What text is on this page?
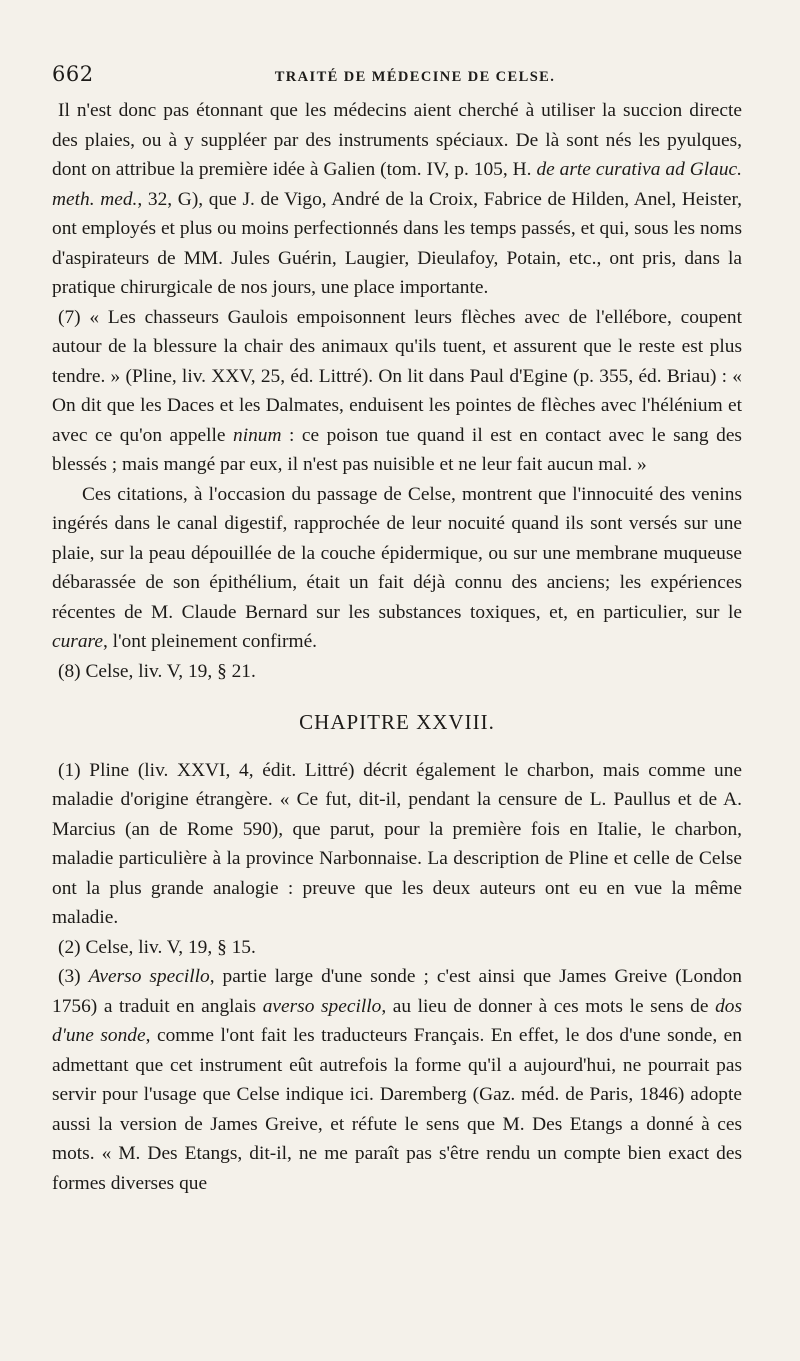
662	TRAITÉ DE MÉDECINE DE CELSE.

Il n'est donc pas étonnant que les médecins aient cherché à utiliser la succion directe des plaies, ou à y suppléer par des instruments spéciaux. De là sont nés les pyulques, dont on attribue la première idée à Galien (tom. IV, p. 105, H. de arte curativa ad Glauc. meth. med., 32, G), que J. de Vigo, André de la Croix, Fabrice de Hilden, Anel, Heister, ont employés et plus ou moins perfectionnés dans les temps passés, et qui, sous les noms d'aspirateurs de MM. Jules Guérin, Laugier, Dieulafoy, Potain, etc., ont pris, dans la pratique chirurgicale de nos jours, une place importante.

(7) « Les chasseurs Gaulois empoisonnent leurs flèches avec de l'ellébore, coupent autour de la blessure la chair des animaux qu'ils tuent, et assurent que le reste est plus tendre. » (Pline, liv. XXV, 25, éd. Littré). On lit dans Paul d'Egine (p. 355, éd. Briau) : « On dit que les Daces et les Dalmates, enduisent les pointes de flèches avec l'hélénium et avec ce qu'on appelle ninum : ce poison tue quand il est en contact avec le sang des blessés ; mais mangé par eux, il n'est pas nuisible et ne leur fait aucun mal. »

Ces citations, à l'occasion du passage de Celse, montrent que l'innocuité des venins ingérés dans le canal digestif, rapprochée de leur nocuité quand ils sont versés sur une plaie, sur la peau dépouillée de la couche épidermique, ou sur une membrane muqueuse débarassée de son épithélium, était un fait déjà connu des anciens; les expériences récentes de M. Claude Bernard sur les substances toxiques, et, en particulier, sur le curare, l'ont pleinement confirmé.

(8) Celse, liv. V, 19, § 21.

CHAPITRE XXVIII.

(1) Pline (liv. XXVI, 4, édit. Littré) décrit également le charbon, mais comme une maladie d'origine étrangère. « Ce fut, dit-il, pendant la censure de L. Paullus et de A. Marcius (an de Rome 590), que parut, pour la première fois en Italie, le charbon, maladie particulière à la province Narbonnaise. La description de Pline et celle de Celse ont la plus grande analogie : preuve que les deux auteurs ont eu en vue la même maladie.

(2) Celse, liv. V, 19, § 15.

(3) Averso specillo, partie large d'une sonde ; c'est ainsi que James Greive (London 1756) a traduit en anglais averso specillo, au lieu de donner à ces mots le sens de dos d'une sonde, comme l'ont fait les traducteurs Français. En effet, le dos d'une sonde, en admettant que cet instrument eût autrefois la forme qu'il a aujourd'hui, ne pourrait pas servir pour l'usage que Celse indique ici. Daremberg (Gaz. méd. de Paris, 1846) adopte aussi la version de James Greive, et réfute le sens que M. Des Etangs a donné à ces mots. « M. Des Etangs, dit-il, ne me paraît pas s'être rendu un compte bien exact des formes diverses que
